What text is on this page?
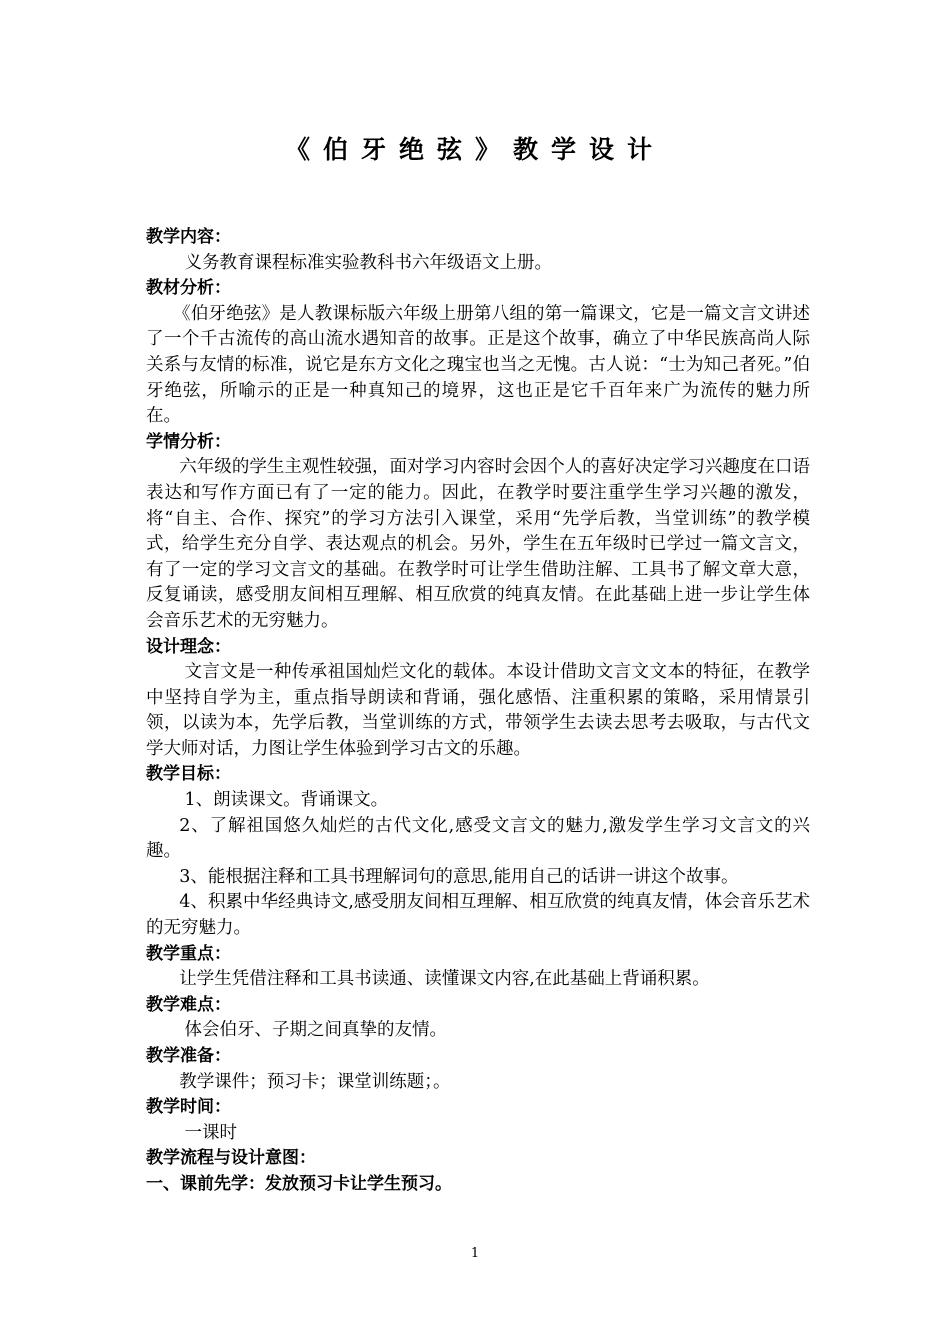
《伯牙绝弦》教学设计
教学内容：
义务教育课程标准实验教科书六年级语文上册。
教材分析：
《伯牙绝弦》是人教课标版六年级上册第八组的第一篇课文，它是一篇文言文讲述了一个千古流传的高山流水遇知音的故事。正是这个故事，确立了中华民族高尚人际关系与友情的标准，说它是东方文化之瑰宝也当之无愧。古人说：“士为知己者死。”伯牙绝弦，所喻示的正是一种真知己的境界，这也正是它千百年来广为流传的魅力所在。
学情分析：
六年级的学生主观性较强，面对学习内容时会因个人的喜好决定学习兴趣度在口语表达和写作方面已有了一定的能力。因此，在教学时要注重学生学习兴趣的激发，将“自主、合作、探究”的学习方法引入课堂，采用“先学后教，当堂训练”的教学模式，给学生充分自学、表达观点的机会。另外，学生在五年级时已学过一篇文言文，有了一定的学习文言文的基础。在教学时可让学生借助注解、工具书了解文章大意，反复诵读，感受朋友间相互理解、相互欣赏的纯真友情。在此基础上进一步让学生体会音乐艺术的无穷魅力。
设计理念：
文言文是一种传承祖国灿烂文化的载体。本设计借助文言文文本的特征，在教学中坚持自学为主，重点指导朗读和背诵，强化感悟、注重积累的策略，采用情景引领，以读为本，先学后教，当堂训练的方式，带领学生去读去思考去吸取，与古代文学大师对话，力图让学生体验到学习古文的乐趣。
教学目标：
1、朗读课文。背诵课文。
2、了解祖国悠久灿烂的古代文化,感受文言文的魅力,激发学生学习文言文的兴趣。
3、能根据注释和工具书理解词句的意思,能用自己的话讲一讲这个故事。
4、积累中华经典诗文,感受朋友间相互理解、相互欣赏的纯真友情，体会音乐艺术的无穷魅力。
教学重点：
让学生凭借注释和工具书读通、读懂课文内容,在此基础上背诵积累。
教学难点：
体会伯牙、子期之间真挚的友情。
教学准备：
教学课件；预习卡；课堂训练题；。
教学时间：
一课时
教学流程与设计意图：
一、课前先学：发放预习卡让学生预习。
1
